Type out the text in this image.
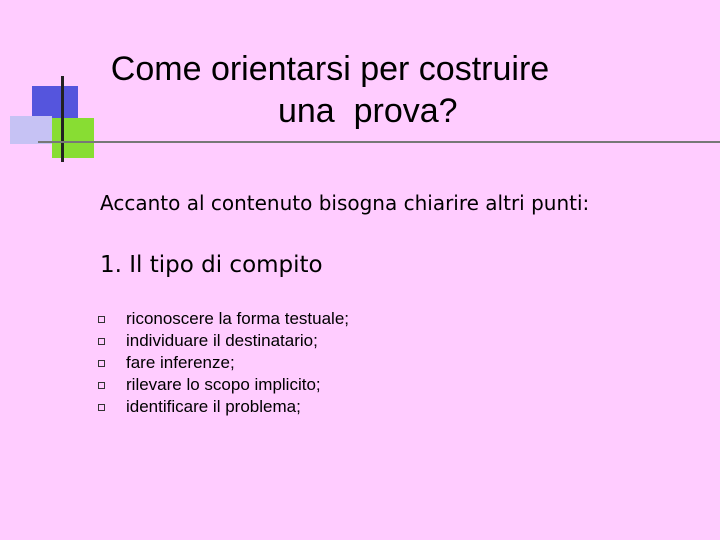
Come orientarsi per costruire
una  prova?
Accanto al contenuto bisogna chiarire altri punti:
1. Il tipo di compito
riconoscere la forma testuale;
individuare il destinatario;
fare inferenze;
rilevare lo scopo implicito;
identificare il problema;
